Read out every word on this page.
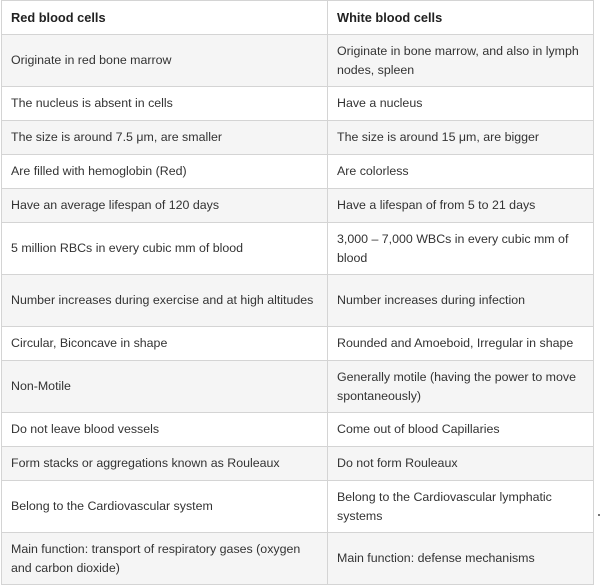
Red blood cells	White blood cells
Originate in red bone marrow	Originate in bone marrow, and also in lymph nodes, spleen
The nucleus is absent in cells	Have a nucleus
The size is around 7.5 μm, are smaller	The size is around 15 μm, are bigger
Are filled with hemoglobin (Red)	Are colorless
Have an average lifespan of 120 days	Have a lifespan of from 5 to 21 days
5 million RBCs in every cubic mm of blood	3,000 – 7,000 WBCs in every cubic mm of blood
Number increases during exercise and at high altitudes	Number increases during infection
Circular, Biconcave in shape	Rounded and Amoeboid, Irregular in shape
Non-Motile	Generally motile (having the power to move spontaneously)
Do not leave blood vessels	Come out of blood Capillaries
Form stacks or aggregations known as Rouleaux	Do not form Rouleaux
Belong to the Cardiovascular system	Belong to the Cardiovascular lymphatic systems
Main function: transport of respiratory gases (oxygen and carbon dioxide)	Main function: defense mechanisms
